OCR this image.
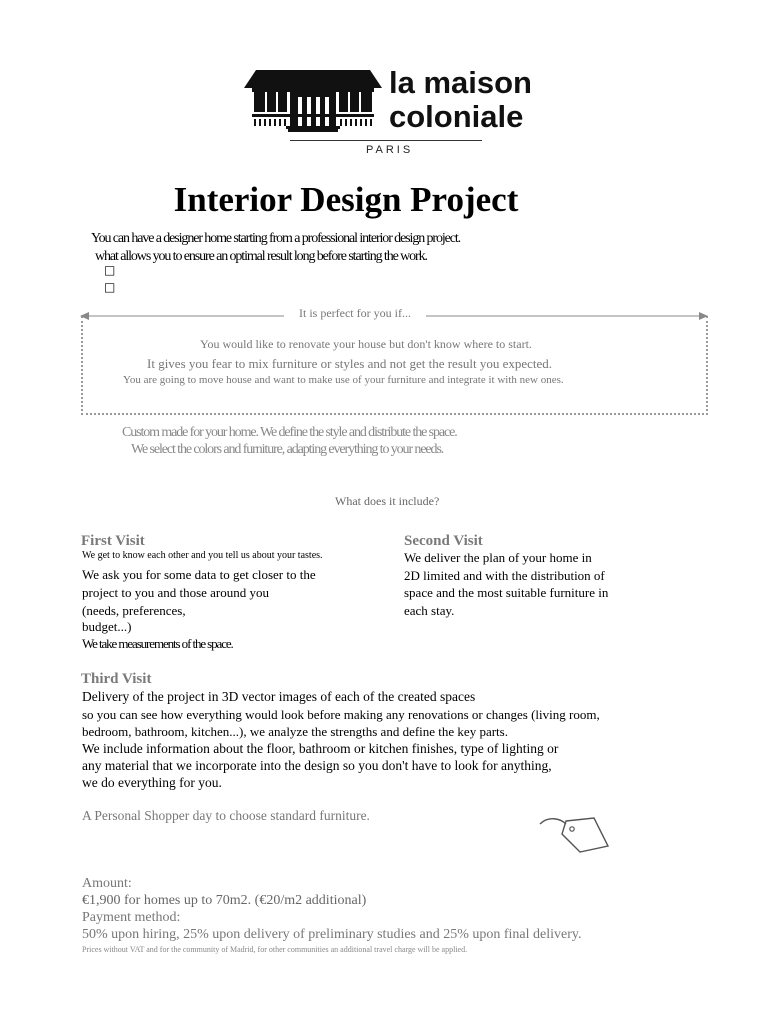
la maison
coloniale
PARIS
Interior Design Project
You can have a designer home starting from a professional interior design project.
what allows you to ensure an optimal result long before starting the work.
□
□
It is perfect for you if...
You would like to renovate your house but don't know where to start.
It gives you fear to mix furniture or styles and not get the result you expected.
You are going to move house and want to make use of your furniture and integrate it with new ones.
Custom made for your home. We define the style and distribute the space.
We select the colors and furniture, adapting everything to your needs.
What does it include?
First Visit
We get to know each other and you tell us about your tastes.
We ask you for some data to get closer to the
project to you and those around you
(needs, preferences,
budget...)
We take measurements of the space.
Second Visit
We deliver the plan of your home in
2D limited and with the distribution of
space and the most suitable furniture in
each stay.
Third Visit
Delivery of the project in 3D vector images of each of the created spaces
so you can see how everything would look before making any renovations or changes (living room,
bedroom, bathroom, kitchen...), we analyze the strengths and define the key parts.
We include information about the floor, bathroom or kitchen finishes, type of lighting or
any material that we incorporate into the design so you don't have to look for anything,
we do everything for you.
A Personal Shopper day to choose standard furniture.
Amount:
€1,900 for homes up to 70m2. (€20/m2 additional)
Payment method:
50% upon hiring, 25% upon delivery of preliminary studies and 25% upon final delivery.
Prices without VAT and for the community of Madrid, for other communities an additional travel charge will be applied.
